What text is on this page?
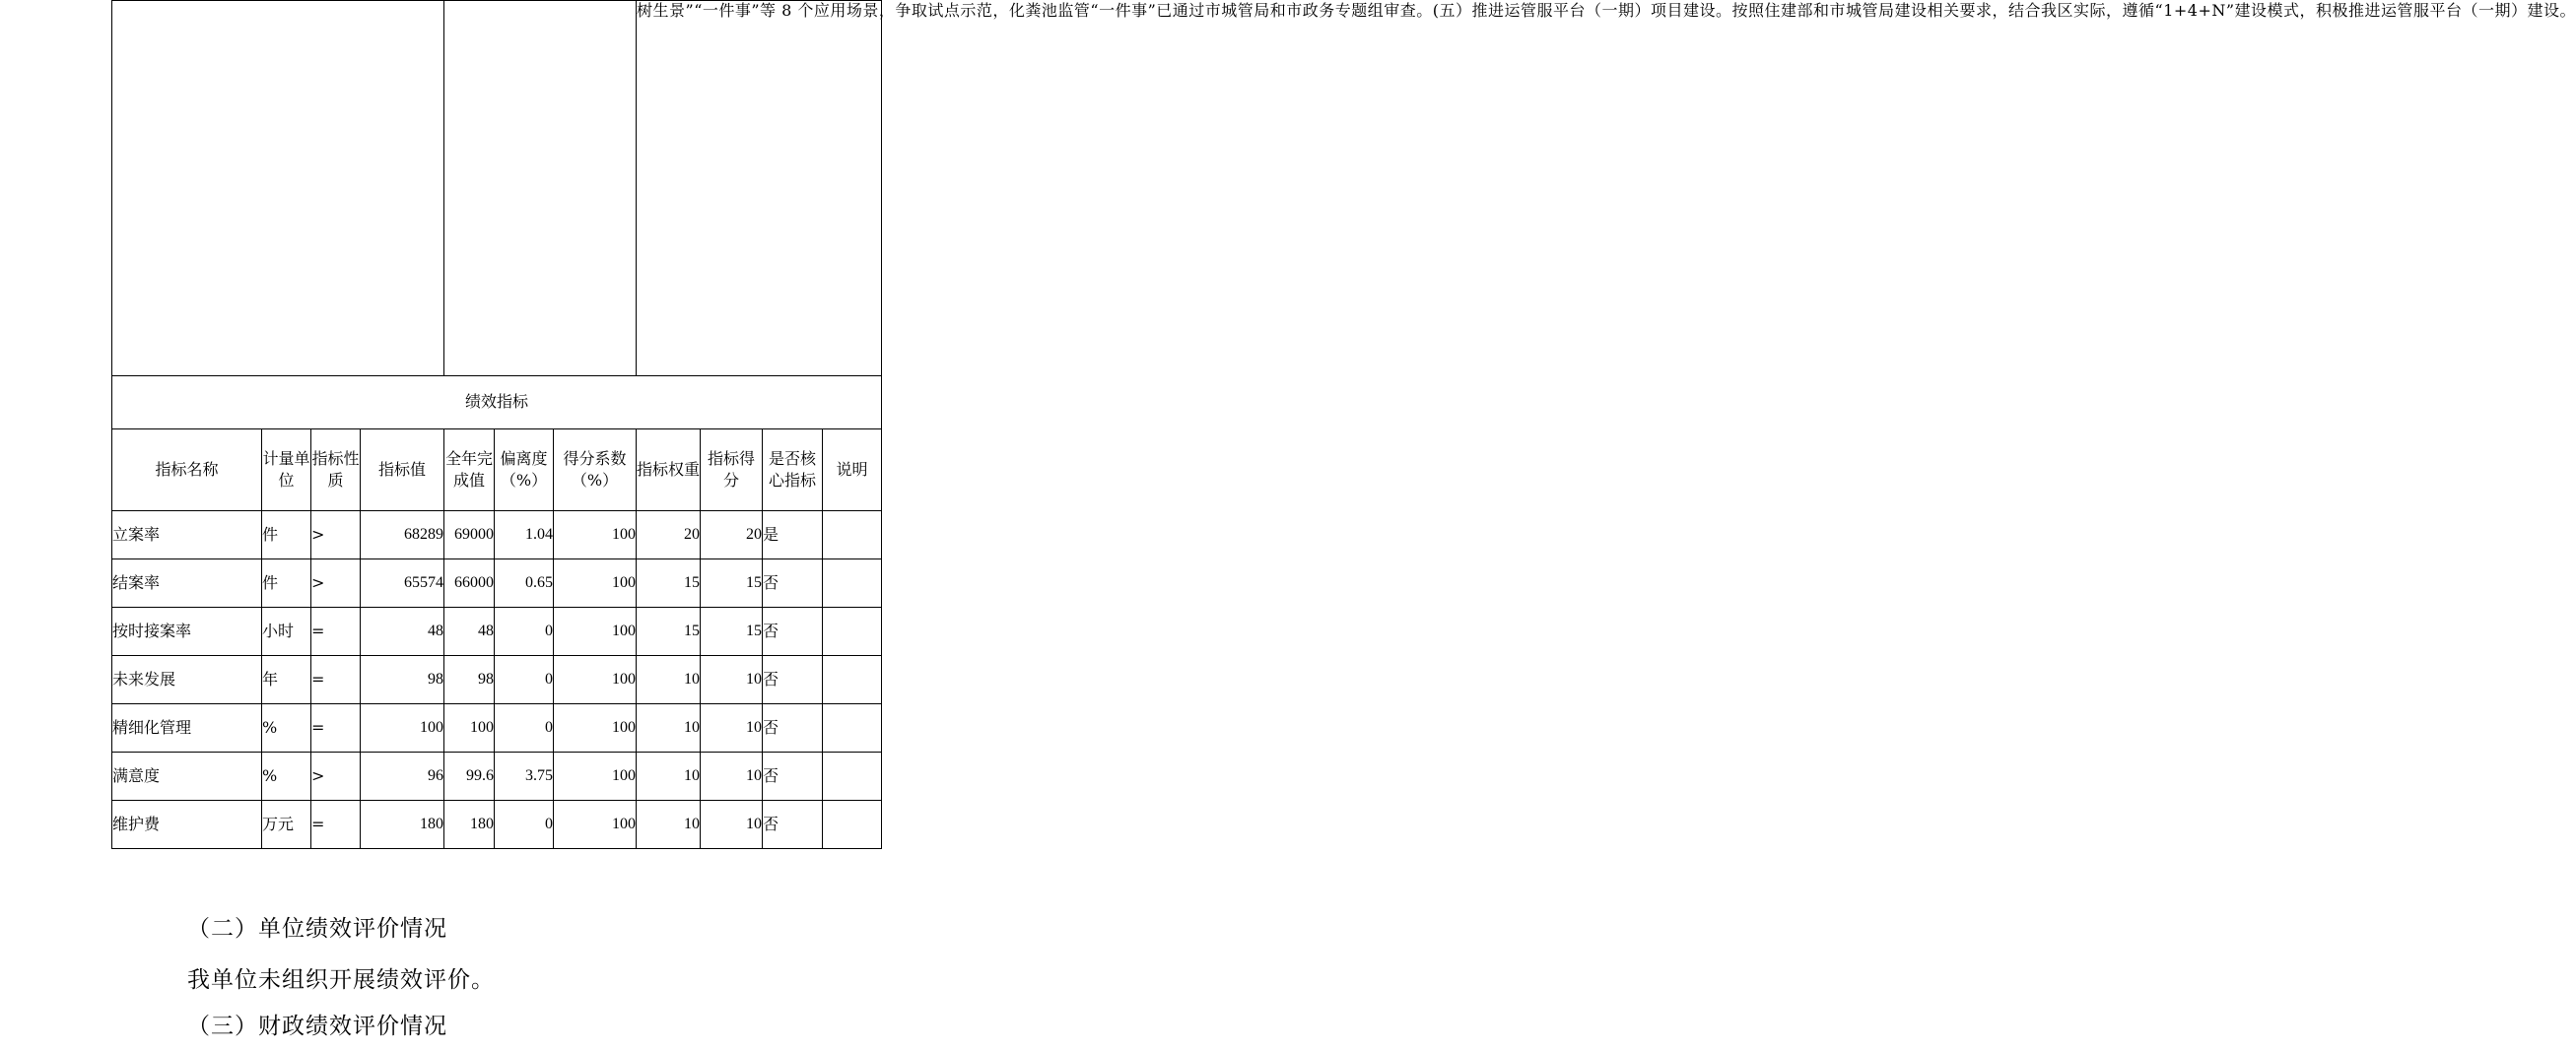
							树生景”“一件事”等 8 个应用场景，争取试点示范，化粪池监管“一件事”已通过市城管局和市政务专题组审查。(五）推进运管服平台（一期）项目建设。按照住建部和市城管局建设相关要求，结合我区实际，遵循“1+4+N”建设模式，积极推进运管服平台（一期）建设。			
绩效指标										
指标名称	计量单位	指标性质	指标值	全年完成值	偏离度（%）	得分系数（%）	指标权重	指标得分	是否核心指标	说明
立案率	件	>	68289	69000	1.04	100	20	20	是	
结案率	件	>	65574	66000	0.65	100	15	15	否	
按时接案率	小时	=	48	48	0	100	15	15	否	
未来发展	年	=	98	98	0	100	10	10	否	
精细化管理	%	=	100	100	0	100	10	10	否	
满意度	%	>	96	99.6	3.75	100	10	10	否	
维护费	万元	=	180	180	0	100	10	10	否	
（二）单位绩效评价情况
我单位未组织开展绩效评价。
（三）财政绩效评价情况
